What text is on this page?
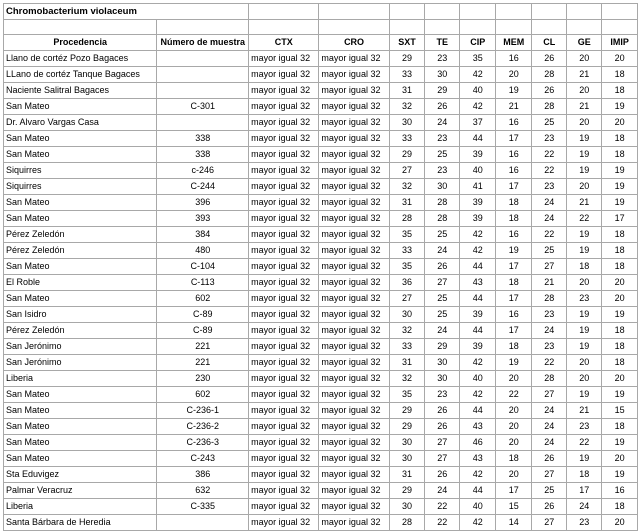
Chromobacterium violaceum										

Procedencia	Número de muestra	CTX	CRO	SXT	TE	CIP	MEM	CL	GE	IMIP
Llano de cortéz Pozo Bagaces		mayor igual 32	mayor igual 32	29	23	35	16	26	20	20
LLano de cortéz Tanque Bagaces		mayor igual 32	mayor igual 32	33	30	42	20	28	21	18
Naciente Salitral Bagaces		mayor igual 32	mayor igual 32	31	29	40	19	26	20	18
San Mateo	C-301	mayor igual 32	mayor igual 32	32	26	42	21	28	21	19
Dr. Alvaro Vargas Casa		mayor igual 32	mayor igual 32	30	24	37	16	25	20	20
San Mateo	338	mayor igual 32	mayor igual 32	33	23	44	17	23	19	18
San Mateo	338	mayor igual 32	mayor igual 32	29	25	39	16	22	19	18
Siquirres	c-246	mayor igual 32	mayor igual 32	27	23	40	16	22	19	19
Siquirres	C-244	mayor igual 32	mayor igual 32	32	30	41	17	23	20	19
San Mateo	396	mayor igual 32	mayor igual 32	31	28	39	18	24	21	19
San Mateo	393	mayor igual 32	mayor igual 32	28	28	39	18	24	22	17
Pérez Zeledón	384	mayor igual 32	mayor igual 32	35	25	42	16	22	19	18
Pérez Zeledón	480	mayor igual 32	mayor igual 32	33	24	42	19	25	19	18
San Mateo	C-104	mayor igual 32	mayor igual 32	35	26	44	17	27	18	18
El Roble	C-113	mayor igual 32	mayor igual 32	36	27	43	18	21	20	20
San Mateo	602	mayor igual 32	mayor igual 32	27	25	44	17	28	23	20
San Isidro	C-89	mayor igual 32	mayor igual 32	30	25	39	16	23	19	19
Pérez Zeledón	C-89	mayor igual 32	mayor igual 32	32	24	44	17	24	19	18
San Jerónimo	221	mayor igual 32	mayor igual 32	33	29	39	18	23	19	18
San Jerónimo	221	mayor igual 32	mayor igual 32	31	30	42	19	22	20	18
Liberia	230	mayor igual 32	mayor igual 32	32	30	40	20	28	20	20
San Mateo	602	mayor igual 32	mayor igual 32	35	23	42	22	27	19	19
San Mateo	C-236-1	mayor igual 32	mayor igual 32	29	26	44	20	24	21	15
San Mateo	C-236-2	mayor igual 32	mayor igual 32	29	26	43	20	24	23	18
San Mateo	C-236-3	mayor igual 32	mayor igual 32	30	27	46	20	24	22	19
San Mateo	C-243	mayor igual 32	mayor igual 32	30	27	43	18	26	19	20
Sta Eduvigez	386	mayor igual 32	mayor igual 32	31	26	42	20	27	18	19
Palmar Veracruz	632	mayor igual 32	mayor igual 32	29	24	44	17	25	17	16
Liberia	C-335	mayor igual 32	mayor igual 32	30	22	40	15	26	24	18
Santa Bárbara de Heredia		mayor igual 32	mayor igual 32	28	22	42	14	27	23	20
